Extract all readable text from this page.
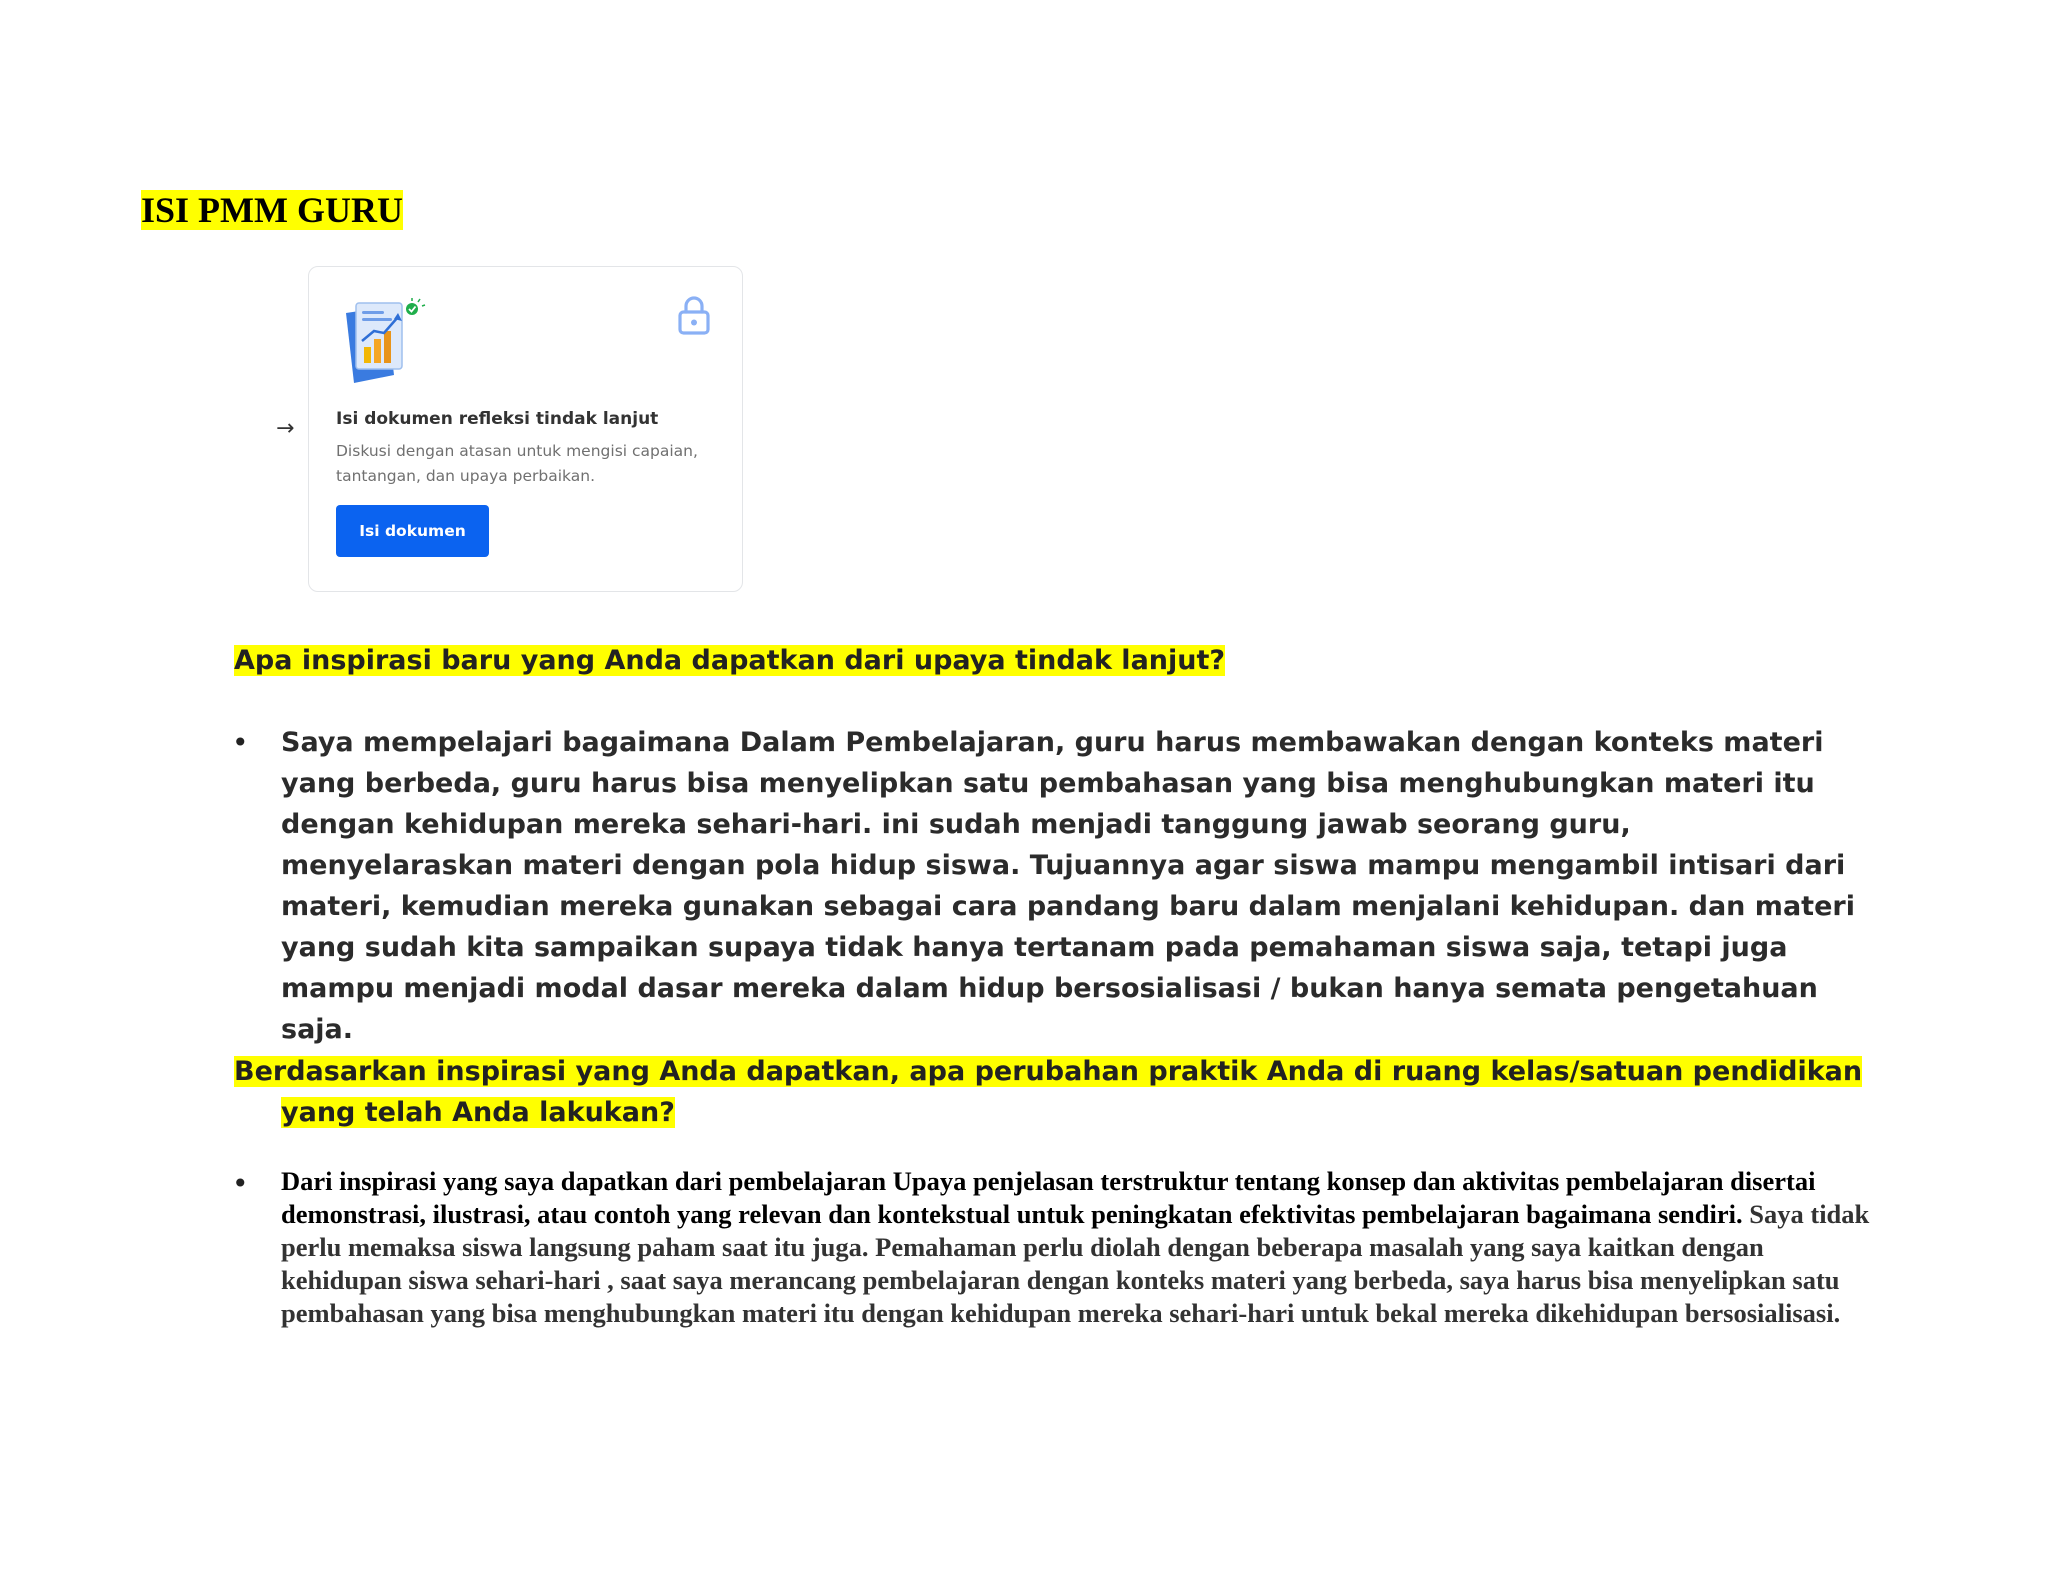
ISI PMM GURU
→ Isi dokumen refleksi tindak lanjut
Diskusi dengan atasan untuk mengisi capaian, tantangan, dan upaya perbaikan.
Isi dokumen
Apa inspirasi baru yang Anda dapatkan dari upaya tindak lanjut?
• Saya mempelajari bagaimana Dalam Pembelajaran, guru harus membawakan dengan konteks materi yang berbeda, guru harus bisa menyelipkan satu pembahasan yang bisa menghubungkan materi itu dengan kehidupan mereka sehari-hari. ini sudah menjadi tanggung jawab seorang guru, menyelaraskan materi dengan pola hidup siswa. Tujuannya agar siswa mampu mengambil intisari dari materi, kemudian mereka gunakan sebagai cara pandang baru dalam menjalani kehidupan. dan materi yang sudah kita sampaikan supaya tidak hanya tertanam pada pemahaman siswa saja, tetapi juga mampu menjadi modal dasar mereka dalam hidup bersosialisasi / bukan hanya semata pengetahuan saja.
Berdasarkan inspirasi yang Anda dapatkan, apa perubahan praktik Anda di ruang kelas/satuan pendidikan yang telah Anda lakukan?
• Dari inspirasi yang saya dapatkan dari pembelajaran Upaya penjelasan terstruktur tentang konsep dan aktivitas pembelajaran disertai demonstrasi, ilustrasi, atau contoh yang relevan dan kontekstual untuk peningkatan efektivitas pembelajaran bagaimana sendiri. Saya tidak perlu memaksa siswa langsung paham saat itu juga. Pemahaman perlu diolah dengan beberapa masalah yang saya kaitkan dengan kehidupan siswa sehari-hari , saat saya merancang pembelajaran dengan konteks materi yang berbeda, saya harus bisa menyelipkan satu pembahasan yang bisa menghubungkan materi itu dengan kehidupan mereka sehari-hari untuk bekal mereka dikehidupan bersosialisasi.
